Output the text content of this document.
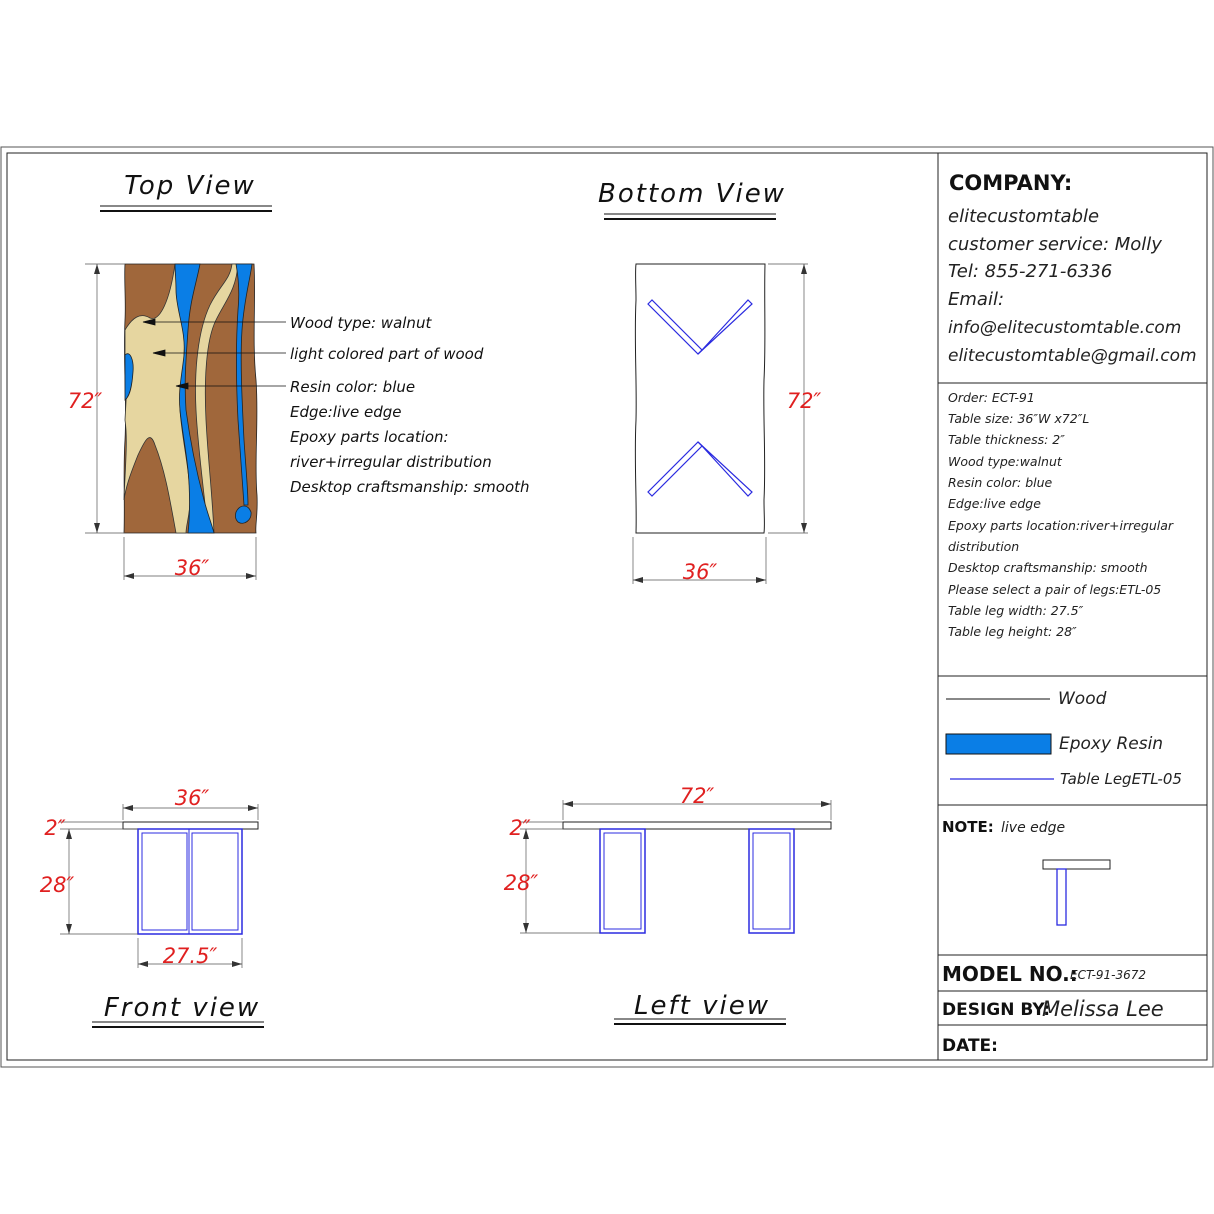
Top View
72″
36″
Wood type: walnut
light colored part of wood
Resin color: blue
Edge:live edge
Epoxy parts location:
river+irregular distribution
Desktop craftsmanship: smooth
Bottom View
72″
36″
36″
2″
28″
27.5″
Front view
72″
2″
28″
Left view
COMPANY:
elitecustomtable
customer service: Molly
Tel: 855-271-6336
Email:
info@elitecustomtable.com
elitecustomtable@gmail.com
Order: ECT-91
Table size: 36″W x72″L
Table thickness: 2″
Wood type:walnut
Resin color: blue
Edge:live edge
Epoxy parts location:river+irregular
distribution
Desktop craftsmanship: smooth
Please select a pair of legs:ETL-05
Table leg width: 27.5″
Table leg height: 28″
Wood
Epoxy Resin
Table LegETL-05
NOTE: live edge
MODEL NO.:
ECT-91-3672
DESIGN BY:
Melissa Lee
DATE:
